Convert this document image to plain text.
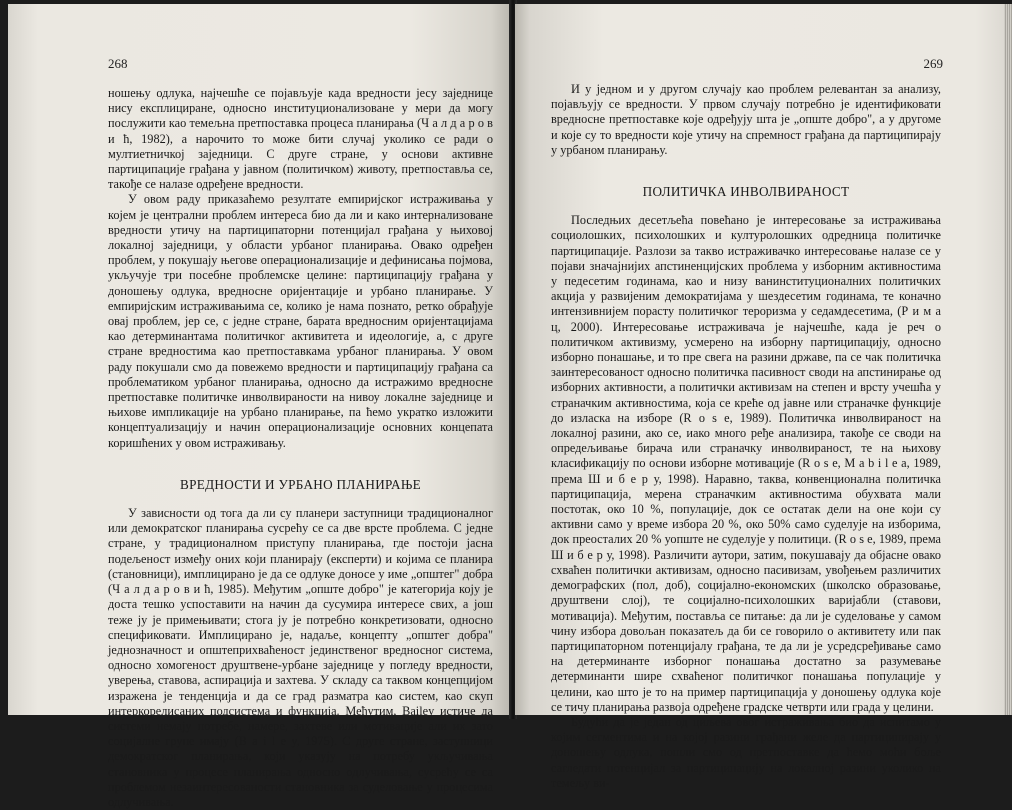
268

ношењу одлука, најчешће се појављује када вредности јесу заједнице нису експлициране, односно институционализоване у мери да могу послужити као темељна претпоставка процеса планирања (Ч а л д а р о в и ћ, 1982), а нарочито то може бити случај уколико се ради о мултиетничкој заједници. С друге стране, у основи активне партиципације грађана у јавном (политичком) животу, претпоставља се, такође се налазе одређене вредности.

У овом раду приказаћемо резултате емпиријског истраживања у којем је централни проблем интереса био да ли и како интернализоване вредности утичу на партиципаторни потенцијал грађана у њиховој локалној заједници, у области урбаног планирања. Овако одређен проблем, у покушају његове операционализације и дефинисања појмова, укључује три посебне проблемске целине: партиципацију грађана у доношењу одлука, вредносне оријентације и урбано планирање. У емпиријским истраживањима се, колико је нама познато, ретко обрађује овај проблем, јер се, с једне стране, барата вредносним оријентацијама као детерминантама политичког активитета и идеологије, а, с друге стране вредностима као претпоставкама урбаног планирања. У овом раду покушали смо да повежемо вредности и партиципацију грађана са проблематиком урбаног планирања, односно да истражимо вредносне претпоставке политичке инволвираности на нивоу локалне заједнице и њихове импликације на урбано планирање, па ћемо укратко изложити концептуализацију и начин операционализације основних концепата коришћених у овом истраживању.

ВРЕДНОСТИ И УРБАНО ПЛАНИРАЊЕ

У зависности од тога да ли су планери заступници традиционалног или демократског планирања сусрећу се са две врсте проблема. С једне стране, у традиционалном приступу планирања, где постоји јасна подељеност између оних који планирају (експерти) и којима се планира (становници), имплицирано је да се одлуке доносе у име „општег" добра (Ч а л д а р о в и ћ, 1985). Међутим „опште добро" је категорија коју је доста тешко успоставити на начин да сусумира интересе свих, а још теже ју је примењивати; стога ју је потребно конкретизовати, односно спецификовати. Имплицирано је, надаље, концепту „општег добра" једнозначност и општеприхваћеност јединственог вредносног система, односно хомогеност друштвене-урбане заједнице у погледу вредности, уверења, ставова, аспирација и захтева. У складу са таквом концепцијом изражена је тенденција и да се град разматра као систем, као скуп интеркорелисаних подсистема и функција. Међутим, Bailey истиче да системи немају потребе, намере, захтеве или мотивације али их зато социјалне групе имају (B a i l e y, 1975). С друге стране, заступници демократског планирања, који указују на потребу укључивања становника у процесе планирања односно одлучивања, сусрећу се са проблемом незаинтересованости становника за суделовање у процесима одлучивања.

269

И у једном и у другом случају као проблем релевантан за анализу, појављују се вредности. У првом случају потребно је идентификовати вредносне претпоставке које одређују шта је „опште добро", а у другоме и које су то вредности које утичу на спремност грађана да партиципирају у урбаном планирању.

ПОЛИТИЧКА ИНВОЛВИРАНОСТ

Последњих десетљећа повећано је интересовање за истраживања социолошких, психолошких и културолошких одредница политичке партиципације. Разлози за такво истраживачко интересовање налазе се у појави значајнијих апстиненцијских проблема у изборним активностима у педесетим годинама, као и низу ванинституционалних политичких акција у развијеним демократијама у шездесетим годинама, те коначно интензивнијем порасту политичког тероризма у седамдесетима, (Р и м а ц, 2000). Интересовање истраживача је најчешће, када је реч о политичком активизму, усмерено на изборну партиципацију, односно изборно понашање, и то пре свега на разини државе, па се чак политичка заинтересованост односно политичка пасивност своди на апстинирање од изборних активности, а политички активизам на степен и врсту учешћа у страначким активностима, која се креће од јавне или страначке функције до изласка на изборе (R o s e, 1989). Политичка инволвираност на локалној разини, ако се, иако много ређе анализира, такође се своди на опредељивање бирача или страначку инволвираност, те на њихову класификацију по основи изборне мотивације (R o s e, M a b i l e a, 1989, према Ш и б е р у, 1998). Наравно, таква, конвенционална политичка партиципација, мерена страначким активностима обухвата мали постотак, око 10 %, популације, док се остатак дели на оне који су активни само у време избора 20 %, око 50% само суделује на изборима, док преосталих 20 % уопште не суделује у политици. (R o s e, 1989, према Ш и б е р у, 1998). Различити аутори, затим, покушавају да објасне овако схваћен политички активизам, односно пасивизам, увођењем различитих демографских (пол, доб), социјално-економских (школско образовање, друштвени слој), те социјално-психолошких варијабли (ставови, мотивација). Међутим, поставља се питање: да ли је суделовање у самом чину избора довољан показатељ да би се говорило о активитету или пак партиципаторном потенцијалу грађана, те да ли је усредсређивање само на детерминанте изборног понашања достатно за разумевање детерминанти шире схваћеног политичког понашања популације у целини, као што је то на пример партиципација у доношењу одлука које се тичу планирања развоја одређене градске четврти или града у целини.

Будући да је један од циљева овог истраживања био да испитамо у којим сегментима и на којој разини грађани желе да партиципирају у доношењу одлука, пошли смо од претпоставке да ћемо моћи боље сагледати потенцијал за партиципацију на локалној разини уколико на темељу ви-
